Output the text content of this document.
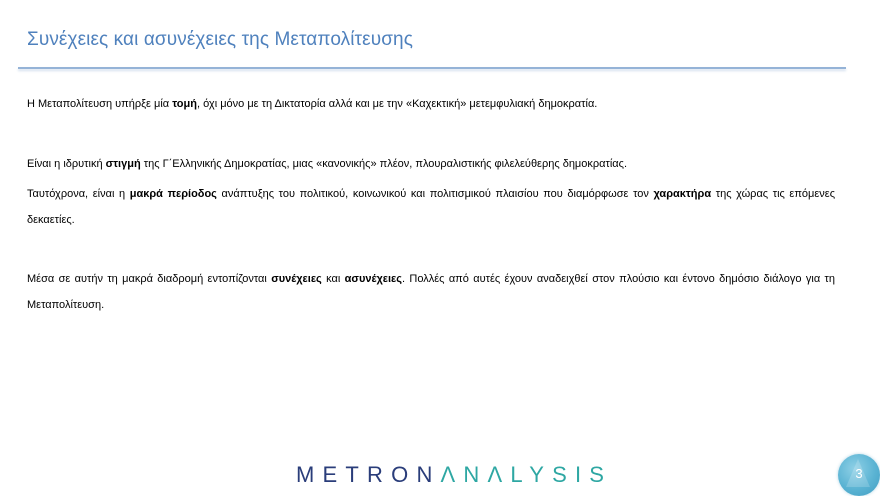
Συνέχειες και ασυνέχειες της Μεταπολίτευσης
Η Μεταπολίτευση υπήρξε μία τομή, όχι μόνο με τη Δικτατορία αλλά και με την «Καχεκτική» μετεμφυλιακή δημοκρατία.
Είναι η ιδρυτική στιγμή της Γ΄Ελληνικής Δημοκρατίας, μιας «κανονικής» πλέον, πλουραλιστικής φιλελεύθερης δημοκρατίας.
Ταυτόχρονα, είναι η μακρά περίοδος ανάπτυξης του πολιτικού, κοινωνικού και πολιτισμικού πλαισίου που διαμόρφωσε τον χαρακτήρα της χώρας τις επόμενες δεκαετίες.
Μέσα σε αυτήν τη μακρά διαδρομή εντοπίζονται συνέχειες και ασυνέχειες. Πολλές από αυτές έχουν αναδειχθεί στον πλούσιο και έντονο δημόσιο διάλογο για τη Μεταπολίτευση.
METRONΛNΛLYSIS	3
